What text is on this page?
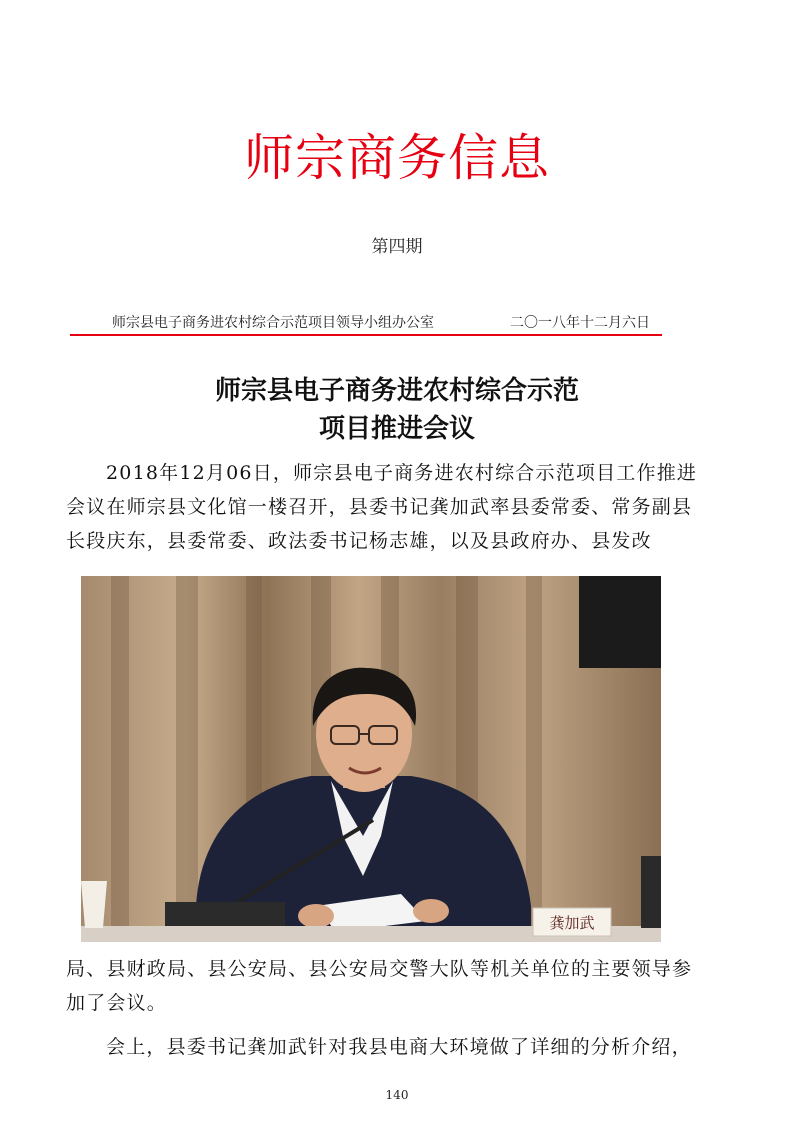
师宗商务信息
第四期
师宗县电子商务进农村综合示范项目领导小组办公室	二〇一八年十二月六日
师宗县电子商务进农村综合示范
项目推进会议
2018年12月06日，师宗县电子商务进农村综合示范项目工作推进会议在师宗县文化馆一楼召开，县委书记龚加武率县委常委、常务副县长段庆东，县委常委、政法委书记杨志雄，以及县政府办、县发改
龚加武
局、县财政局、县公安局、县公安局交警大队等机关单位的主要领导参加了会议。
会上，县委书记龚加武针对我县电商大环境做了详细的分析介绍，
140
